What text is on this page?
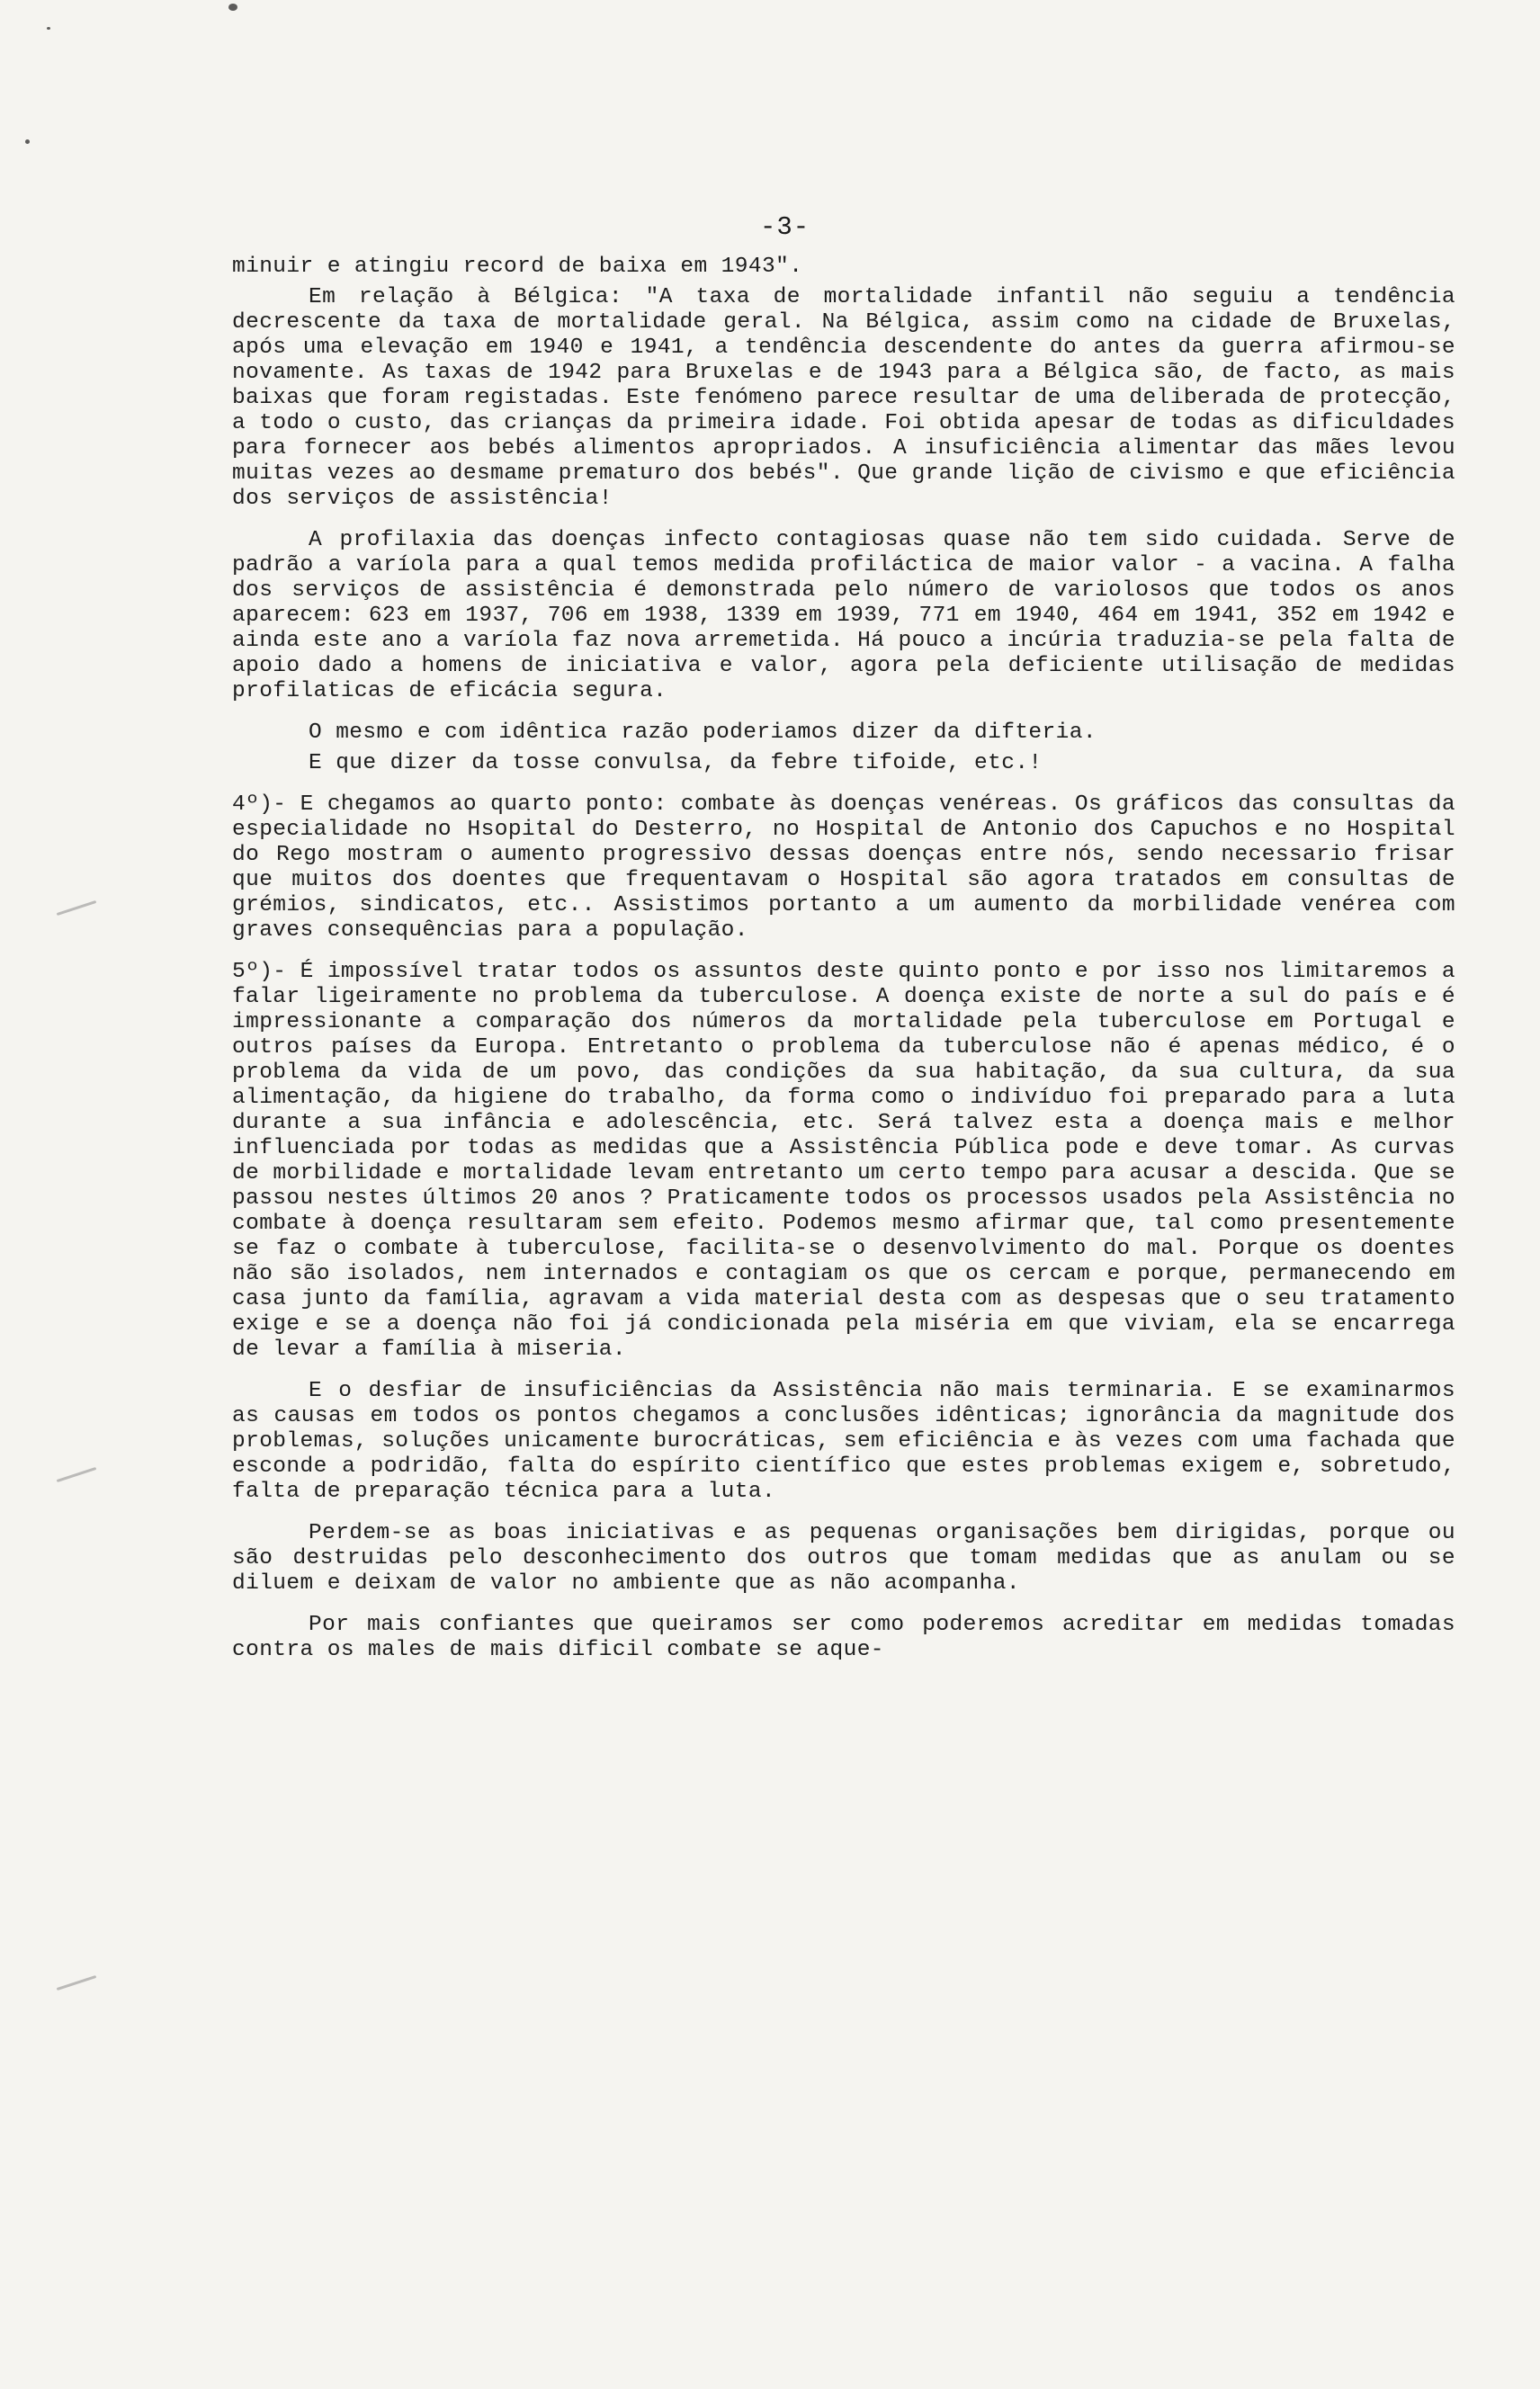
-3-

minuir e atingiu record de baixa em 1943".

Em relação à Bélgica: "A taxa de mortalidade infantil não seguiu a tendência decrescente da taxa de mortalidade geral. Na Bélgica, assim como na cidade de Bruxelas, após uma elevação em 1940 e 1941, a tendência descendente do antes da guerra afirmou-se novamente. As taxas de 1942 para Bruxelas e de 1943 para a Bélgica são, de facto, as mais baixas que foram registadas. Este fenómeno parece resultar de uma deliberada de protecção, a todo o custo, das crianças da primeira idade. Foi obtida apesar de todas as dificuldades para fornecer aos bebés alimentos apropriados. A insuficiência alimentar das mães levou muitas vezes ao desmame prematuro dos bebés". Que grande lição de civismo e que eficiência dos serviços de assistência!

A profilaxia das doenças infecto contagiosas quase não tem sido cuidada. Serve de padrão a varíola para a qual temos medida profiláctica de maior valor - a vacina. A falha dos serviços de assistência é demonstrada pelo número de variolosos que todos os anos aparecem: 623 em 1937, 706 em 1938, 1339 em 1939, 771 em 1940, 464 em 1941, 352 em 1942 e ainda este ano a varíola faz nova arremetida. Há pouco a incúria traduzia-se pela falta de apoio dado a homens de iniciativa e valor, agora pela deficiente utilisação de medidas profilaticas de eficácia segura.

O mesmo e com idêntica razão poderiamos dizer da difteria.

E que dizer da tosse convulsa, da febre tifoide, etc.!

4º)- E chegamos ao quarto ponto: combate às doenças venéreas. Os gráficos das consultas da especialidade no Hsopital do Desterro, no Hospital de Antonio dos Capuchos e no Hospital do Rego mostram o aumento progressivo dessas doenças entre nós, sendo necessario frisar que muitos dos doentes que frequentavam o Hospital são agora tratados em consultas de grémios, sindicatos, etc.. Assistimos portanto a um aumento da morbilidade venérea com graves consequências para a população.

5º)- É impossível tratar todos os assuntos deste quinto ponto e por isso nos limitaremos a falar ligeiramente no problema da tuberculose. A doença existe de norte a sul do país e é impressionante a comparação dos números da mortalidade pela tuberculose em Portugal e outros países da Europa. Entretanto o problema da tuberculose não é apenas médico, é o problema da vida de um povo, das condições da sua habitação, da sua cultura, da sua alimentação, da higiene do trabalho, da forma como o indivíduo foi preparado para a luta durante a sua infância e adolescência, etc. Será talvez esta a doença mais e melhor influenciada por todas as medidas que a Assistência Pública pode e deve tomar. As curvas de morbilidade e mortalidade levam entretanto um certo tempo para acusar a descida. Que se passou nestes últimos 20 anos ? Praticamente todos os processos usados pela Assistência no combate à doença resultaram sem efeito. Podemos mesmo afirmar que, tal como presentemente se faz o combate à tuberculose, facilita-se o desenvolvimento do mal. Porque os doentes não são isolados, nem internados e contagiam os que os cercam e porque, permanecendo em casa junto da família, agravam a vida material desta com as despesas que o seu tratamento exige e se a doença não foi já condicionada pela miséria em que viviam, ela se encarrega de levar a família à miseria.

E o desfiar de insuficiências da Assistência não mais terminaria. E se examinarmos as causas em todos os pontos chegamos a conclusões idênticas; ignorância da magnitude dos problemas, soluções unicamente burocráticas, sem eficiência e às vezes com uma fachada que esconde a podridão, falta do espírito científico que estes problemas exigem e, sobretudo, falta de preparação técnica para a luta.

Perdem-se as boas iniciativas e as pequenas organisações bem dirigidas, porque ou são destruidas pelo desconhecimento dos outros que tomam medidas que as anulam ou se diluem e deixam de valor no ambiente que as não acompanha.

Por mais confiantes que queiramos ser como poderemos acreditar em medidas tomadas contra os males de mais dificil combate se aque-
